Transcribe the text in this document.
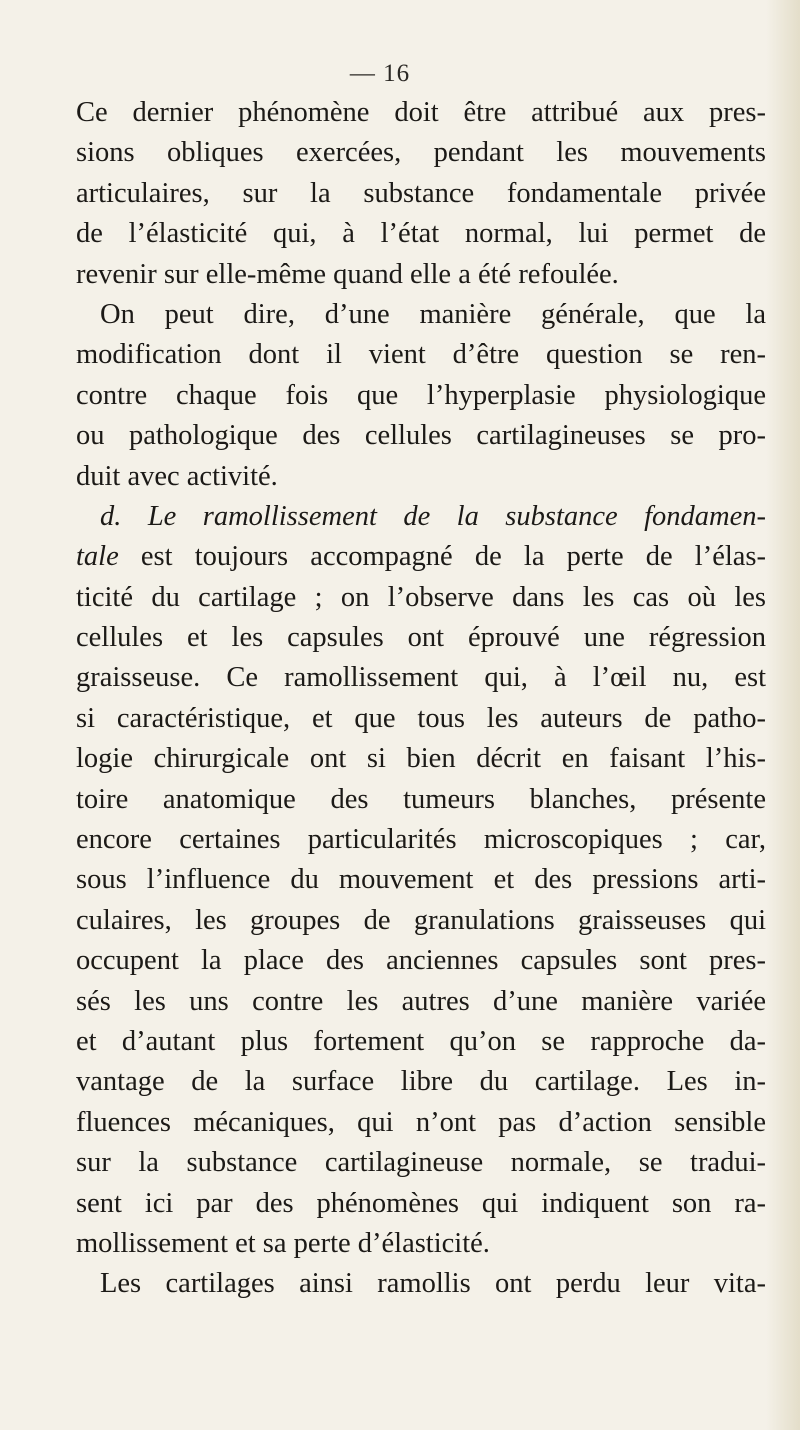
— 16
Ce dernier phénomène doit être attribué aux pres-
sions obliques exercées, pendant les mouvements
articulaires, sur la substance fondamentale privée
de l’élasticité qui, à l’état normal, lui permet de
revenir sur elle-même quand elle a été refoulée.
On peut dire, d’une manière générale, que la
modification dont il vient d’être question se ren-
contre chaque fois que l’hyperplasie physiologique
ou pathologique des cellules cartilagineuses se pro-
duit avec activité.
d. Le ramollissement de la substance fondamen-
tale est toujours accompagné de la perte de l’élas-
ticité du cartilage ; on l’observe dans les cas où les
cellules et les capsules ont éprouvé une régression
graisseuse. Ce ramollissement qui, à l’œil nu, est
si caractéristique, et que tous les auteurs de patho-
logie chirurgicale ont si bien décrit en faisant l’his-
toire anatomique des tumeurs blanches, présente
encore certaines particularités microscopiques ; car,
sous l’influence du mouvement et des pressions arti-
culaires, les groupes de granulations graisseuses qui
occupent la place des anciennes capsules sont pres-
sés les uns contre les autres d’une manière variée
et d’autant plus fortement qu’on se rapproche da-
vantage de la surface libre du cartilage. Les in-
fluences mécaniques, qui n’ont pas d’action sensible
sur la substance cartilagineuse normale, se tradui-
sent ici par des phénomènes qui indiquent son ra-
mollissement et sa perte d’élasticité.
Les cartilages ainsi ramollis ont perdu leur vita-
